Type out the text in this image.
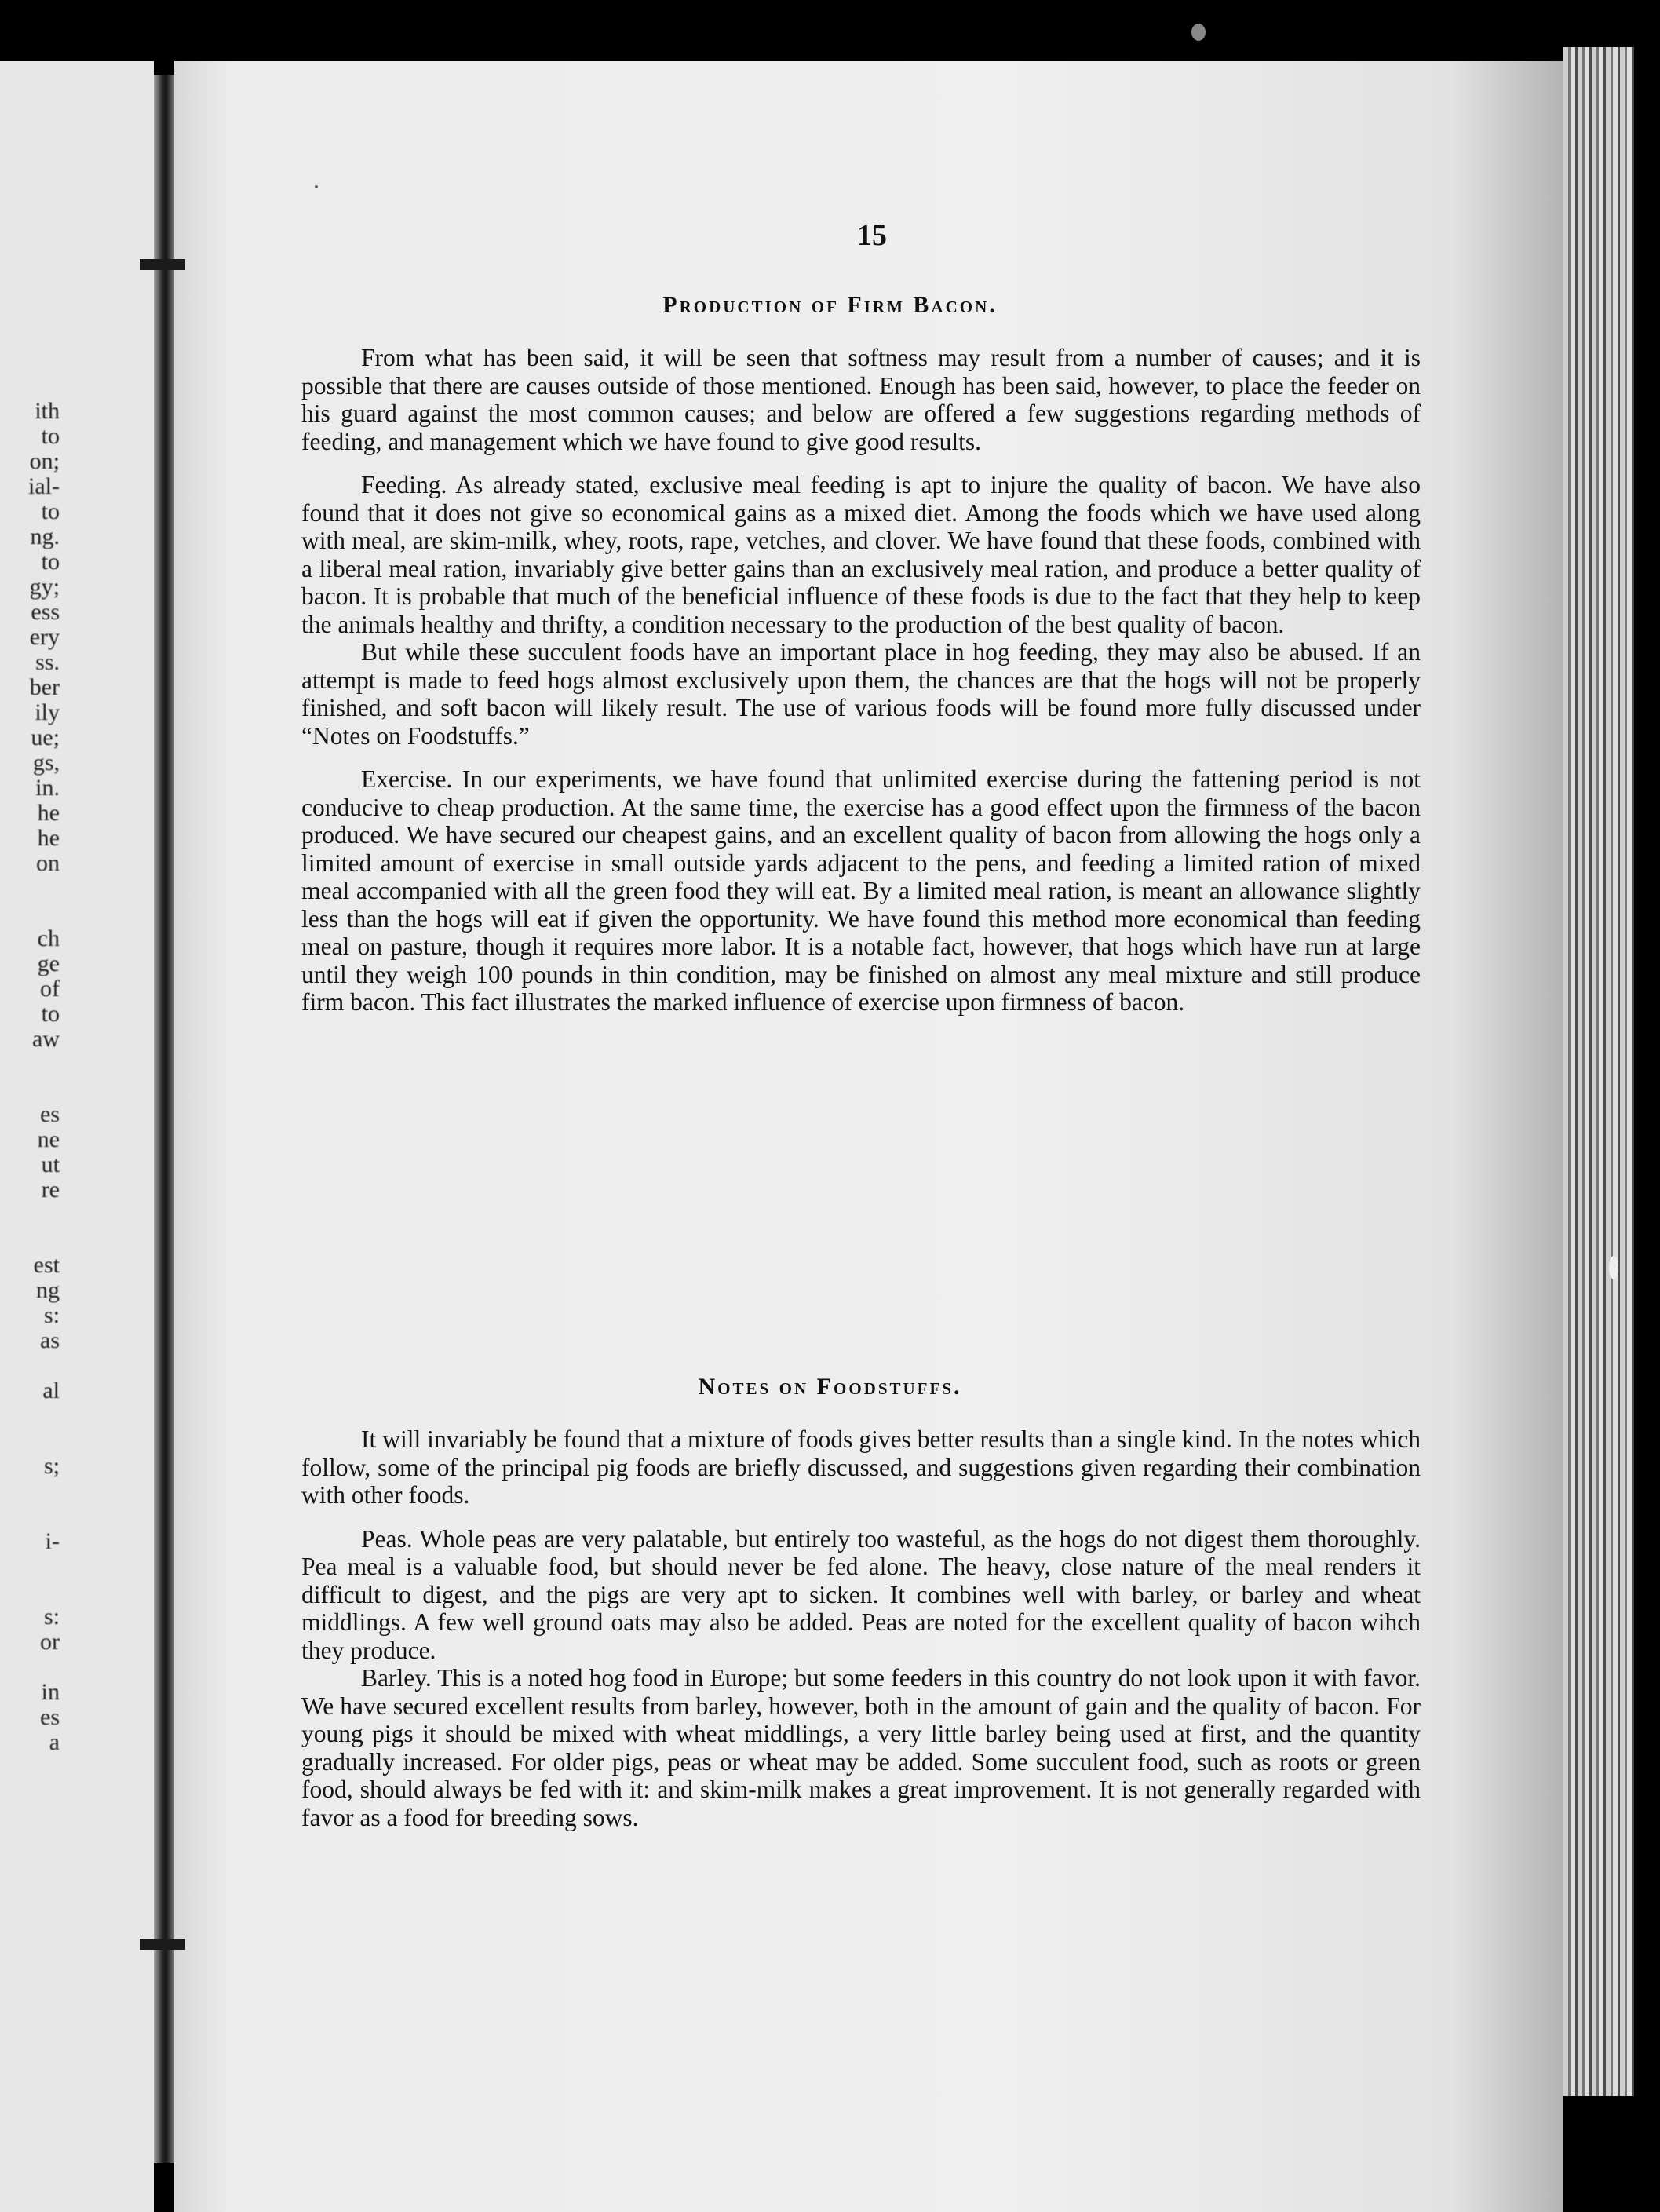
ith
to
on;
ial-
to
ng.
to
gy;
ess
ery
ss.
ber
ily
ue;
gs,
in.
he
he
on
ch
ge
of
to
aw
es
ne
ut
re
est
ng
s:
as
al
s;
i-
s:
or
in
es
a
15
Production of Firm Bacon.

From what has been said, it will be seen that softness may result from a number of causes; and it is possible that there are causes outside of those mentioned. Enough has been said, however, to place the feeder on his guard against the most common causes; and below are offered a few suggestions regarding methods of feeding, and management which we have found to give good results.

Feeding. As already stated, exclusive meal feeding is apt to injure the quality of bacon. We have also found that it does not give so economical gains as a mixed diet. Among the foods which we have used along with meal, are skim-milk, whey, roots, rape, vetches, and clover. We have found that these foods, combined with a liberal meal ration, invariably give better gains than an exclusively meal ration, and produce a better quality of bacon. It is probable that much of the beneficial influence of these foods is due to the fact that they help to keep the animals healthy and thrifty, a condition necessary to the production of the best quality of bacon.

But while these succulent foods have an important place in hog feeding, they may also be abused. If an attempt is made to feed hogs almost exclusively upon them, the chances are that the hogs will not be properly finished, and soft bacon will likely result. The use of various foods will be found more fully discussed under “Notes on Foodstuffs.”

Exercise. In our experiments, we have found that unlimited exercise during the fattening period is not conducive to cheap production. At the same time, the exercise has a good effect upon the firmness of the bacon produced. We have secured our cheapest gains, and an excellent quality of bacon from allowing the hogs only a limited amount of exercise in small outside yards adjacent to the pens, and feeding a limited ration of mixed meal accompanied with all the green food they will eat. By a limited meal ration, is meant an allowance slightly less than the hogs will eat if given the opportunity. We have found this method more economical than feeding meal on pasture, though it requires more labor. It is a notable fact, however, that hogs which have run at large until they weigh 100 pounds in thin condition, may be finished on almost any meal mixture and still produce firm bacon. This fact illustrates the marked influence of exercise upon firmness of bacon.

Notes on Foodstuffs.

It will invariably be found that a mixture of foods gives better results than a single kind. In the notes which follow, some of the principal pig foods are briefly discussed, and suggestions given regarding their combination with other foods.

Peas. Whole peas are very palatable, but entirely too wasteful, as the hogs do not digest them thoroughly. Pea meal is a valuable food, but should never be fed alone. The heavy, close nature of the meal renders it difficult to digest, and the pigs are very apt to sicken. It combines well with barley, or barley and wheat middlings. A few well ground oats may also be added. Peas are noted for the excellent quality of bacon wihch they produce.

Barley. This is a noted hog food in Europe; but some feeders in this country do not look upon it with favor. We have secured excellent results from barley, however, both in the amount of gain and the quality of bacon. For young pigs it should be mixed with wheat middlings, a very little barley being used at first, and the quantity gradually increased. For older pigs, peas or wheat may be added. Some succulent food, such as roots or green food, should always be fed with it: and skim-milk makes a great improvement. It is not generally regarded with favor as a food for breeding sows.
